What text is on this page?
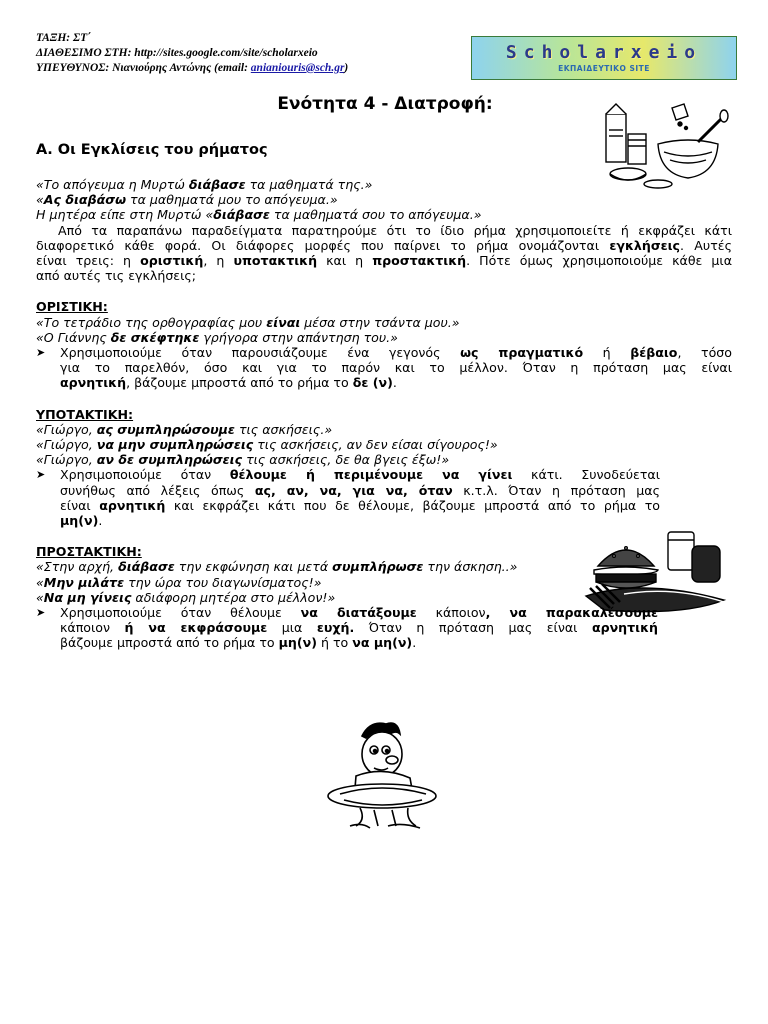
ΤΑΞΗ: ΣΤ΄
ΔΙΑΘΕΣΙΜΟ ΣΤΗ: http://sites.google.com/site/scholarxeio
ΥΠΕΥΘΥΝΟΣ: Νιανιούρης Αντώνης (email: anianiouris@sch.gr)
Scholarxeio
ΕΚΠΑΙΔΕΥΤΙΚΟ SITE
Ενότητα 4 - Διατροφή:
Α. Οι Εγκλίσεις του ρήματος
«Το απόγευμα η Μυρτώ διάβασε τα μαθηματά της.»
«Ας διαβάσω τα μαθηματά μου το απόγευμα.»
Η μητέρα είπε στη Μυρτώ «διάβασε τα μαθηματά σου το απόγευμα.»
Από τα παραπάνω παραδείγματα παρατηρούμε ότι το ίδιο ρήμα χρησιμοποιείτε ή εκφράζει κάτι
διαφορετικό κάθε φορά. Οι διάφορες μορφές που παίρνει το ρήμα ονομάζονται εγκλήσεις. Αυτές
είναι τρεις: η οριστική, η υποτακτική και η προστακτική. Πότε όμως χρησιμοποιούμε κάθε μια
από αυτές τις εγκλήσεις;
ΟΡΙΣΤΙΚΗ:
«Το τετράδιο της ορθογραφίας μου είναι μέσα στην τσάντα μου.»
«Ο Γιάννης δε σκέφτηκε γρήγορα στην απάντηση του.»
➤ Χρησιμοποιούμε όταν παρουσιάζουμε ένα γεγονός ως πραγματικό ή βέβαιο, τόσο
για το παρελθόν, όσο και για το παρόν και το μέλλον. Όταν η πρόταση μας είναι
αρνητική, βάζουμε μπροστά από το ρήμα το δε (ν).
ΥΠΟΤΑΚΤΙΚΗ:
«Γιώργο, ας συμπληρώσουμε τις ασκήσεις.»
«Γιώργο, να μην συμπληρώσεις τις ασκήσεις, αν δεν είσαι σίγουρος!»
«Γιώργο, αν δε συμπληρώσεις τις ασκήσεις, δε θα βγεις έξω!»
➤ Χρησιμοποιούμε όταν θέλουμε ή περιμένουμε να γίνει κάτι. Συνοδεύεται
συνήθως από λέξεις όπως ας, αν, να, για να, όταν κ.τ.λ. Όταν η πρόταση μας
είναι αρνητική και εκφράζει κάτι που δε θέλουμε, βάζουμε μπροστά από το ρήμα το
μη(ν).
ΠΡΟΣΤΑΚΤΙΚΗ:
«Στην αρχή, διάβασε την εκφώνηση και μετά συμπλήρωσε την άσκηση..»
«Μην μιλάτε την ώρα του διαγωνίσματος!»
«Να μη γίνεις αδιάφορη μητέρα στο μέλλον!»
➤ Χρησιμοποιούμε όταν θέλουμε να διατάξουμε κάποιον, να παρακαλέσουμε
κάποιον ή να εκφράσουμε μια ευχή. Όταν η πρόταση μας είναι αρνητική
βάζουμε μπροστά από το ρήμα το μη(ν) ή το να μη(ν).
